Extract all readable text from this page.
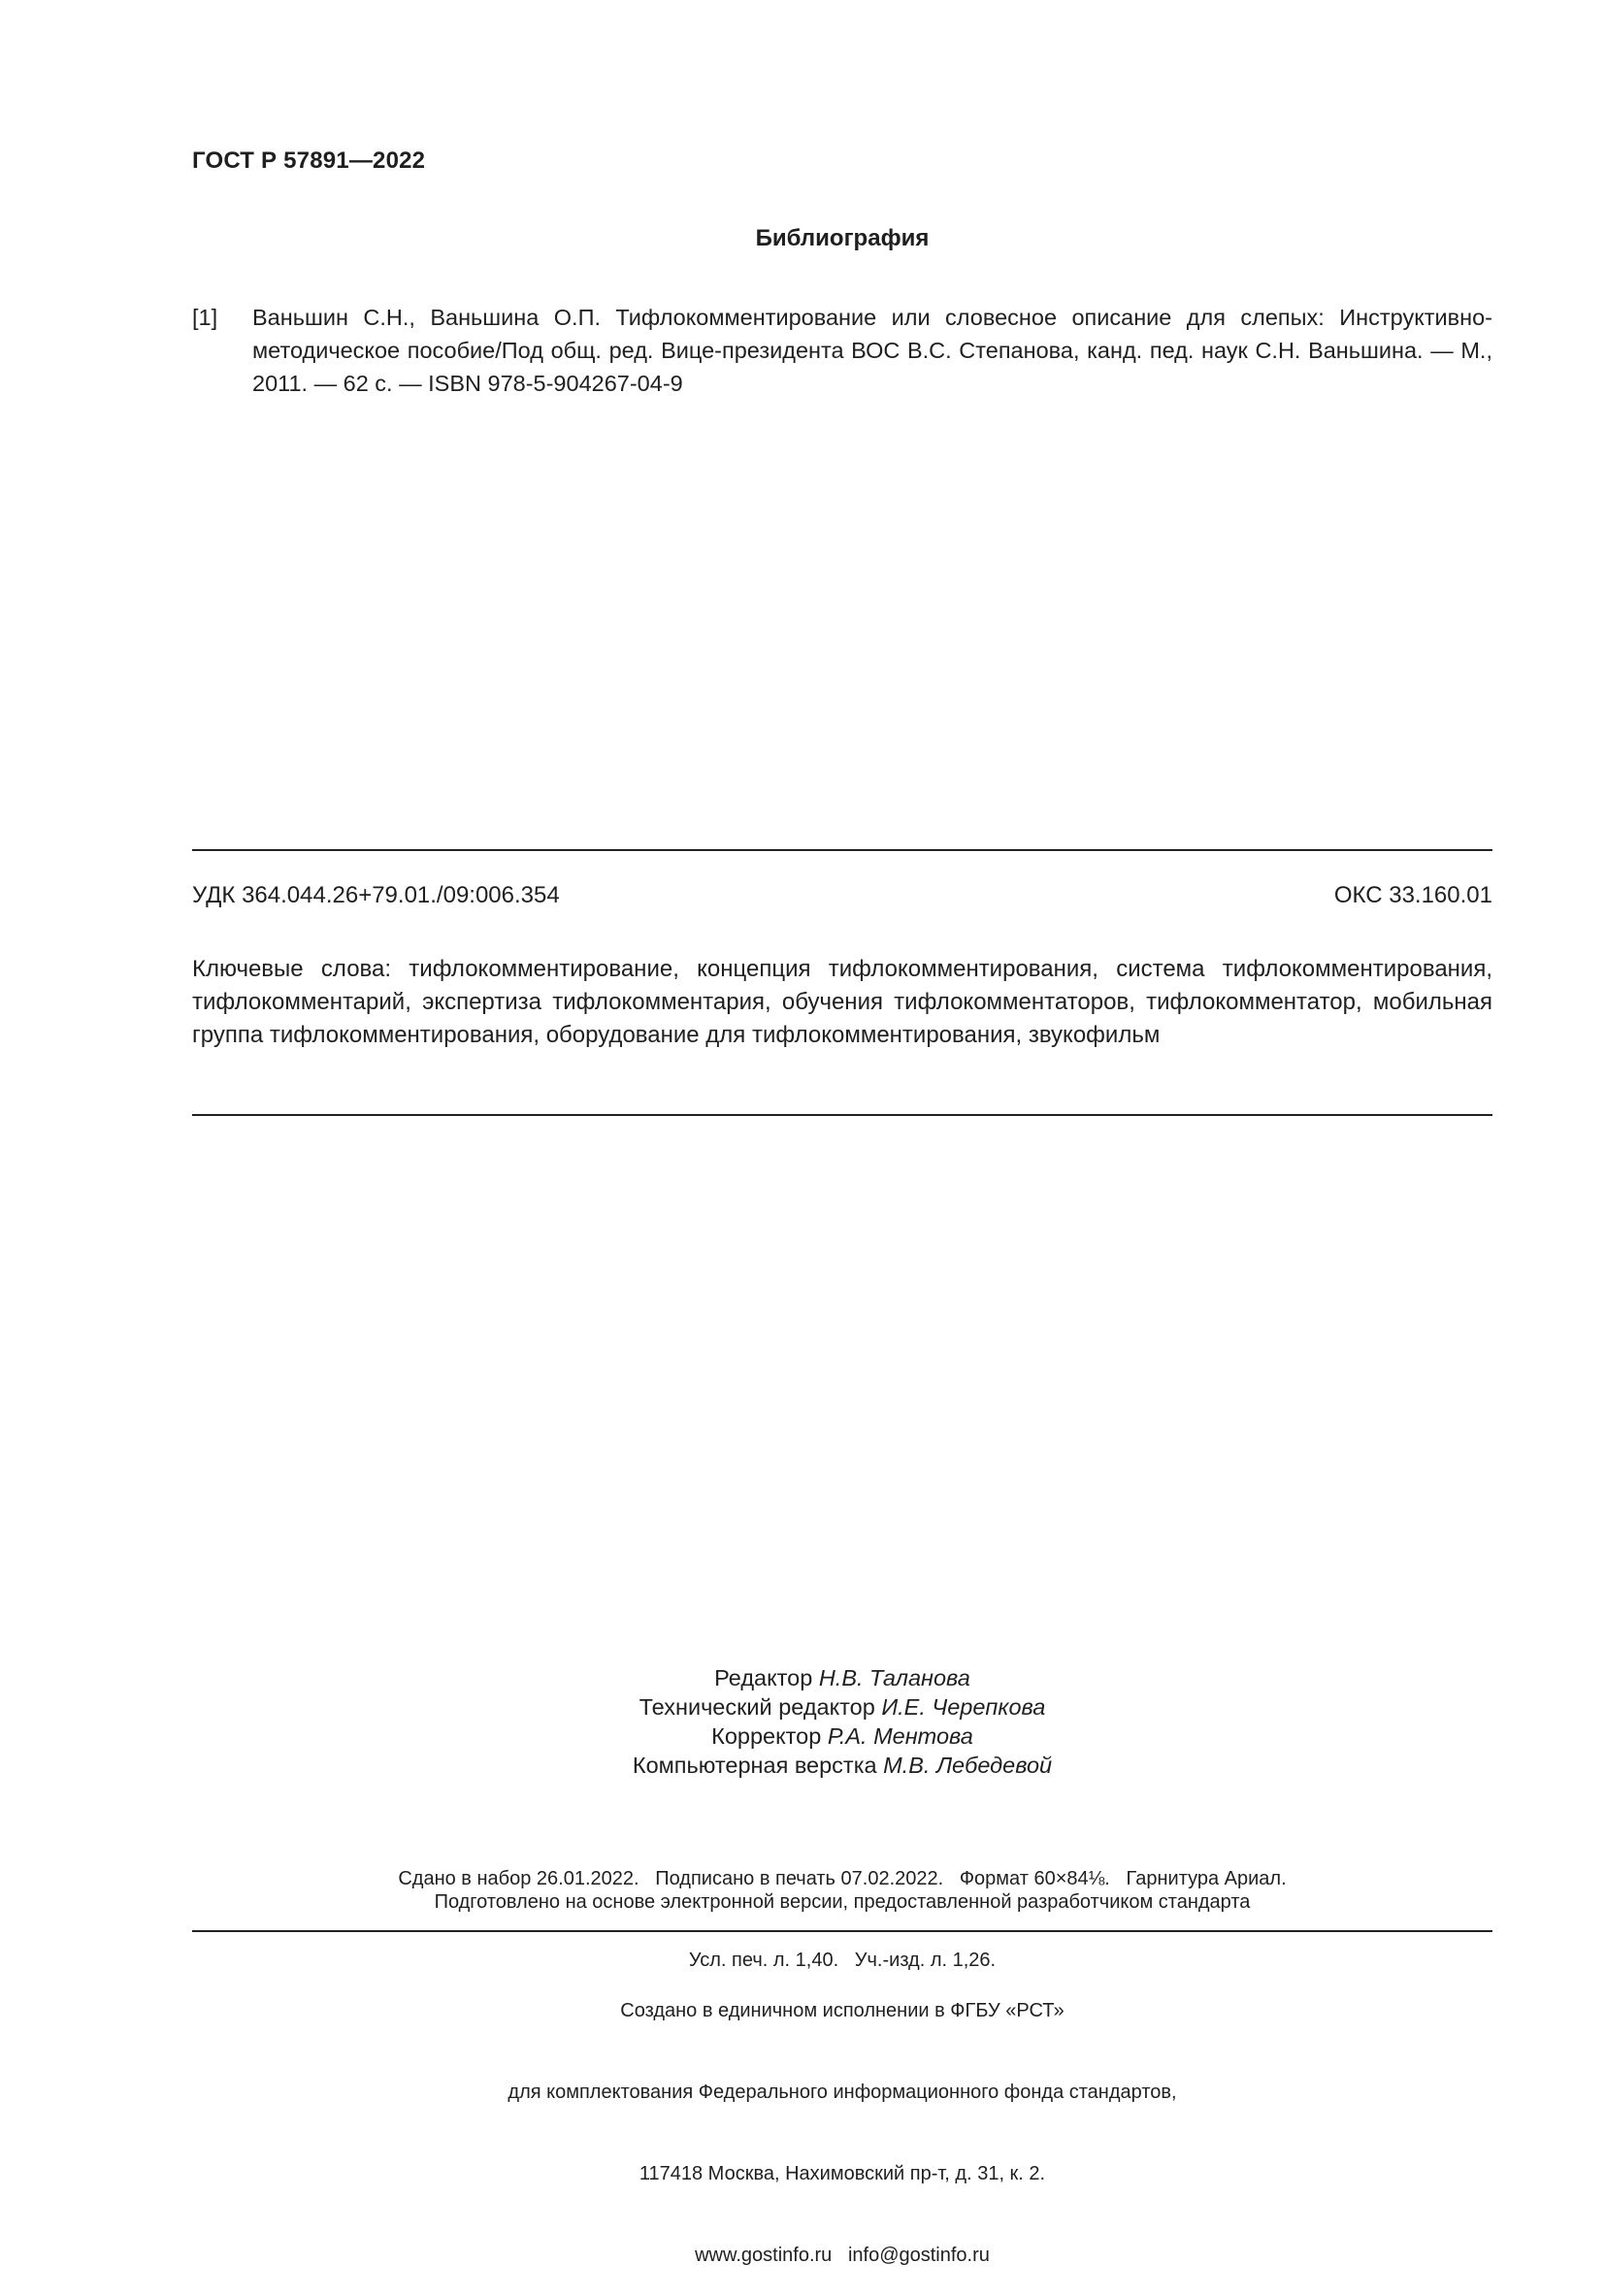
ГОСТ Р 57891—2022
Библиография
[1] Ваньшин С.Н., Ваньшина О.П. Тифлокомментирование или словесное описание для слепых: Инструктивно-методическое пособие/Под общ. ред. Вице-президента ВОС В.С. Степанова, канд. пед. наук С.Н. Ваньшина. — М., 2011. — 62 с. — ISBN 978-5-904267-04-9
УДК 364.044.26+79.01./09:006.354	ОКС 33.160.01
Ключевые слова: тифлокомментирование, концепция тифлокомментирования, система тифлокомментирования, тифлокомментарий, экспертиза тифлокомментария, обучения тифлокомментаторов, тифлокомментатор, мобильная группа тифлокомментирования, оборудование для тифлокомментирования, звукофильм
Редактор Н.В. Таланова
Технический редактор И.Е. Черепкова
Корректор Р.А. Ментова
Компьютерная верстка М.В. Лебедевой

Сдано в набор 26.01.2022.   Подписано в печать 07.02.2022.   Формат 60×84⅛.   Гарнитура Ариал.

Усл. печ. л. 1,40.   Уч.-изд. л. 1,26.

Подготовлено на основе электронной версии, предоставленной разработчиком стандарта

Создано в единичном исполнении в ФГБУ «РСТ»

для комплектования Федерального информационного фонда стандартов,

117418 Москва, Нахимовский пр-т, д. 31, к. 2.

www.gostinfo.ru   info@gostinfo.ru
